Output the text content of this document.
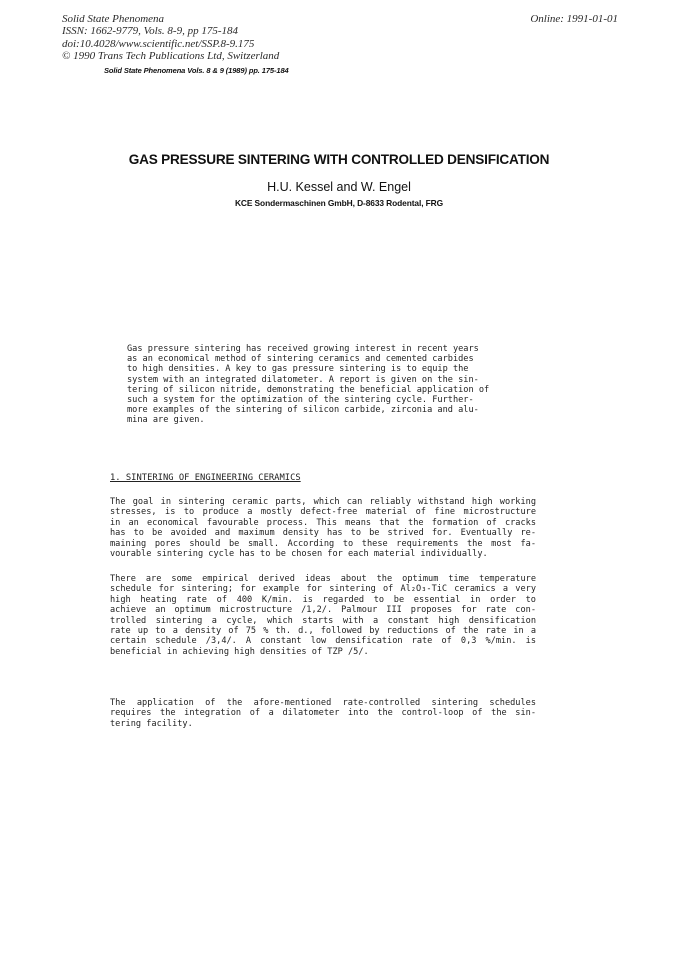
Solid State Phenomena
ISSN: 1662-9779, Vols. 8-9, pp 175-184
doi:10.4028/www.scientific.net/SSP.8-9.175
© 1990 Trans Tech Publications Ltd, Switzerland
Online: 1991-01-01
Solid State Phenomena Vols. 8 & 9 (1989) pp. 175-184
GAS PRESSURE SINTERING WITH CONTROLLED DENSIFICATION
H.U. Kessel and W. Engel
KCE Sondermaschinen GmbH, D-8633 Rodental, FRG
Gas pressure sintering has received growing interest in recent years
as an economical method of sintering ceramics and cemented carbides
to high densities. A key to gas pressure sintering is to equip the
system with an integrated dilatometer. A report is given on the sin-
tering of silicon nitride, demonstrating the beneficial application of
such a system for the optimization of the sintering cycle. Further-
more examples of the sintering of silicon carbide, zirconia and alu-
mina are given.
1. SINTERING OF ENGINEERING CERAMICS
The goal in sintering ceramic parts, which can reliably withstand high working
stresses, is to produce a mostly defect-free material of fine microstructure
in an economical favourable process. This means that the formation of cracks
has to be avoided and maximum density has to be strived for. Eventually re-
maining pores should be small. According to these requirements the most fa-
vourable sintering cycle has to be chosen for each material individually.
There are some empirical derived ideas about the optimum time temperature
schedule for sintering; for example for sintering of Al₂O₃-TiC ceramics a very
high heating rate of 400 K/min. is regarded to be essential in order to
achieve an optimum microstructure /1,2/. Palmour III proposes for rate con-
trolled sintering a cycle, which starts with a constant high densification
rate up to a density of 75 % th. d., followed by reductions of the rate in a
certain schedule /3,4/. A constant low densification rate of 0,3 %/min. is
beneficial in achieving high densities of TZP /5/.
The application of the afore-mentioned rate-controlled sintering schedules
requires the integration of a dilatometer into the control-loop of the sin-
tering facility.
